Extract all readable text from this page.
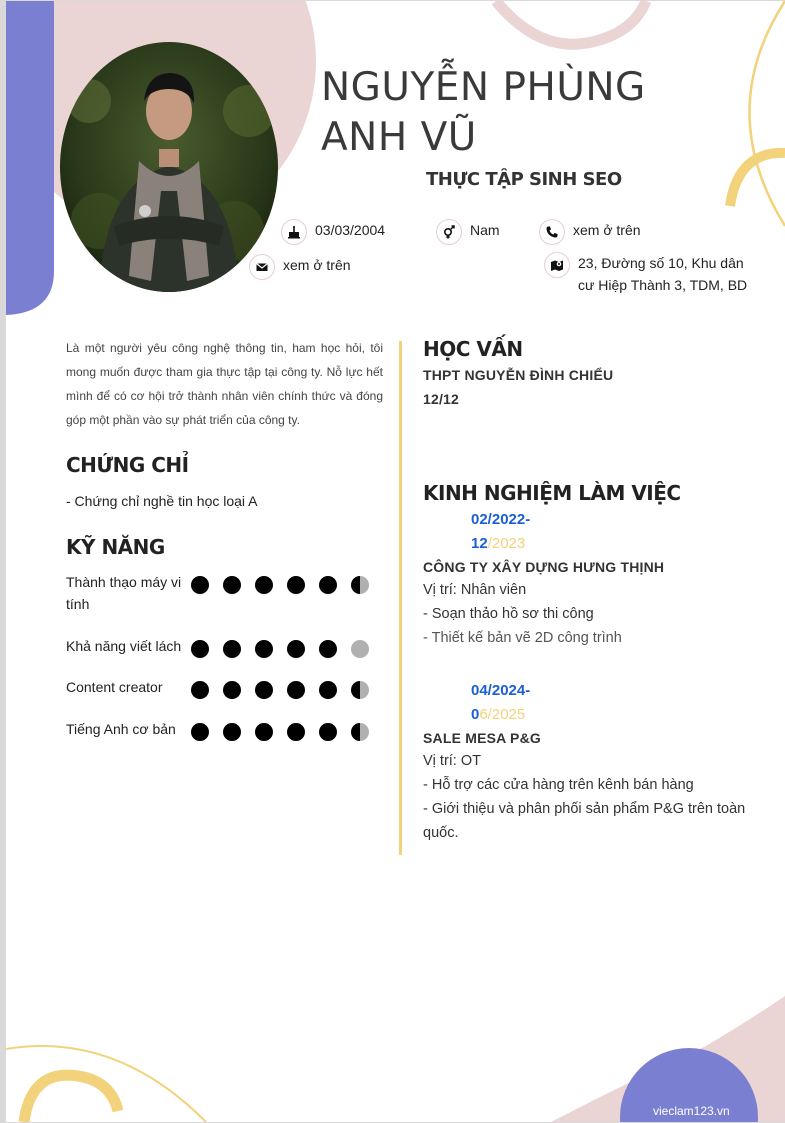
NGUYỄN PHÙNG
ANH VŨ
THỰC TẬP SINH SEO
03/03/2004	Nam	xem ở trên
xem ở trên	23, Đường số 10, Khu dân
cư Hiệp Thành 3, TDM, BD
Là một người yêu công nghệ thông tin, ham học hỏi, tôi mong muốn được tham gia thực tập tại công ty. Nỗ lực hết mình để có cơ hội trở thành nhân viên chính thức và đóng góp một phần vào sự phát triển của công ty.
CHỨNG CHỈ
- Chứng chỉ nghề tin học loại A
KỸ NĂNG
Thành thạo máy vi tính
Khả năng viết lách
Content creator
Tiếng Anh cơ bản
HỌC VẤN
THPT NGUYỄN ĐÌNH CHIỂU
12/12
KINH NGHIỆM LÀM VIỆC
02/2022-
12/2023
CÔNG TY XÂY DỰNG HƯNG THỊNH
Vị trí: Nhân viên
- Soạn thảo hồ sơ thi công
- Thiết kế bản vẽ 2D công trình
04/2024-
06/2025
SALE MESA P&G
Vị trí: OT
- Hỗ trợ các cửa hàng trên kênh bán hàng
- Giới thiệu và phân phối sản phẩm P&G trên toàn quốc.
vieclam123.vn
